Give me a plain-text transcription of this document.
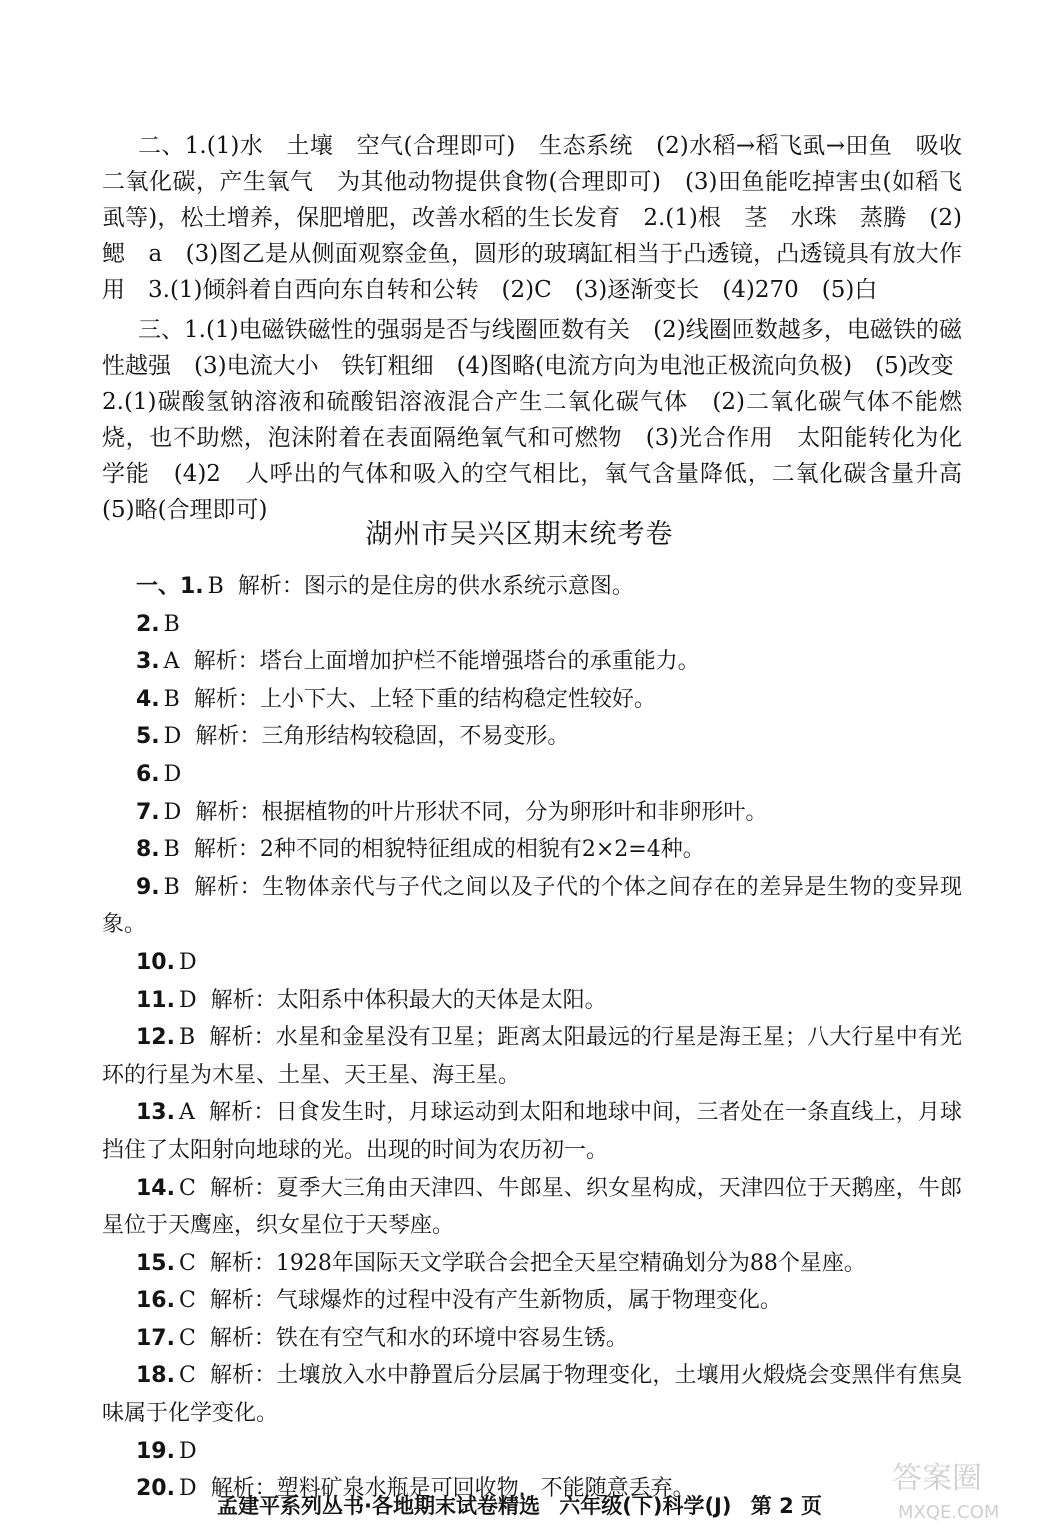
二、1.(1)水　土壤　空气(合理即可)　生态系统　(2)水稻→稻飞虱→田鱼　吸收二氧化碳，产生氧气　为其他动物提供食物(合理即可)　(3)田鱼能吃掉害虫(如稻飞虱等)，松土增养，保肥增肥，改善水稻的生长发育　2.(1)根　茎　水珠　蒸腾　(2)鳃　a　(3)图乙是从侧面观察金鱼，圆形的玻璃缸相当于凸透镜，凸透镜具有放大作用　3.(1)倾斜着自西向东自转和公转　(2)C　(3)逐渐变长　(4)270　(5)白

三、1.(1)电磁铁磁性的强弱是否与线圈匝数有关　(2)线圈匝数越多，电磁铁的磁性越强　(3)电流大小　铁钉粗细　(4)图略(电流方向为电池正极流向负极)　(5)改变

2.(1)碳酸氢钠溶液和硫酸铝溶液混合产生二氧化碳气体　(2)二氧化碳气体不能燃烧，也不助燃，泡沫附着在表面隔绝氧气和可燃物　(3)光合作用　太阳能转化为化学能　(4)2　人呼出的气体和吸入的空气相比，氧气含量降低，二氧化碳含量升高　(5)略(合理即可)

湖州市吴兴区期末统考卷
一、1. B 解析：图示的是住房的供水系统示意图。
2. B
3. A 解析：塔台上面增加护栏不能增强塔台的承重能力。
4. B 解析：上小下大、上轻下重的结构稳定性较好。
5. D 解析：三角形结构较稳固，不易变形。
6. D
7. D 解析：根据植物的叶片形状不同，分为卵形叶和非卵形叶。
8. B 解析：2种不同的相貌特征组成的相貌有2×2=4种。
9. B 解析：生物体亲代与子代之间以及子代的个体之间存在的差异是生物的变异现象。
10. D
11. D 解析：太阳系中体积最大的天体是太阳。
12. B 解析：水星和金星没有卫星；距离太阳最远的行星是海王星；八大行星中有光环的行星为木星、土星、天王星、海王星。
13. A 解析：日食发生时，月球运动到太阳和地球中间，三者处在一条直线上，月球挡住了太阳射向地球的光。出现的时间为农历初一。
14. C 解析：夏季大三角由天津四、牛郎星、织女星构成，天津四位于天鹅座，牛郎星位于天鹰座，织女星位于天琴座。
15. C 解析：1928年国际天文学联合会把全天星空精确划分为88个星座。
16. C 解析：气球爆炸的过程中没有产生新物质，属于物理变化。
17. C 解析：铁在有空气和水的环境中容易生锈。
18. C 解析：土壤放入水中静置后分层属于物理变化，土壤用火煅烧会变黑伴有焦臭味属于化学变化。
19. D
20. D 解析：塑料矿泉水瓶是可回收物，不能随意丢弃。
孟建平系列丛书·各地期末试卷精选 六年级(下)科学(J) 第 2 页
答案圈
MXQE.COM
